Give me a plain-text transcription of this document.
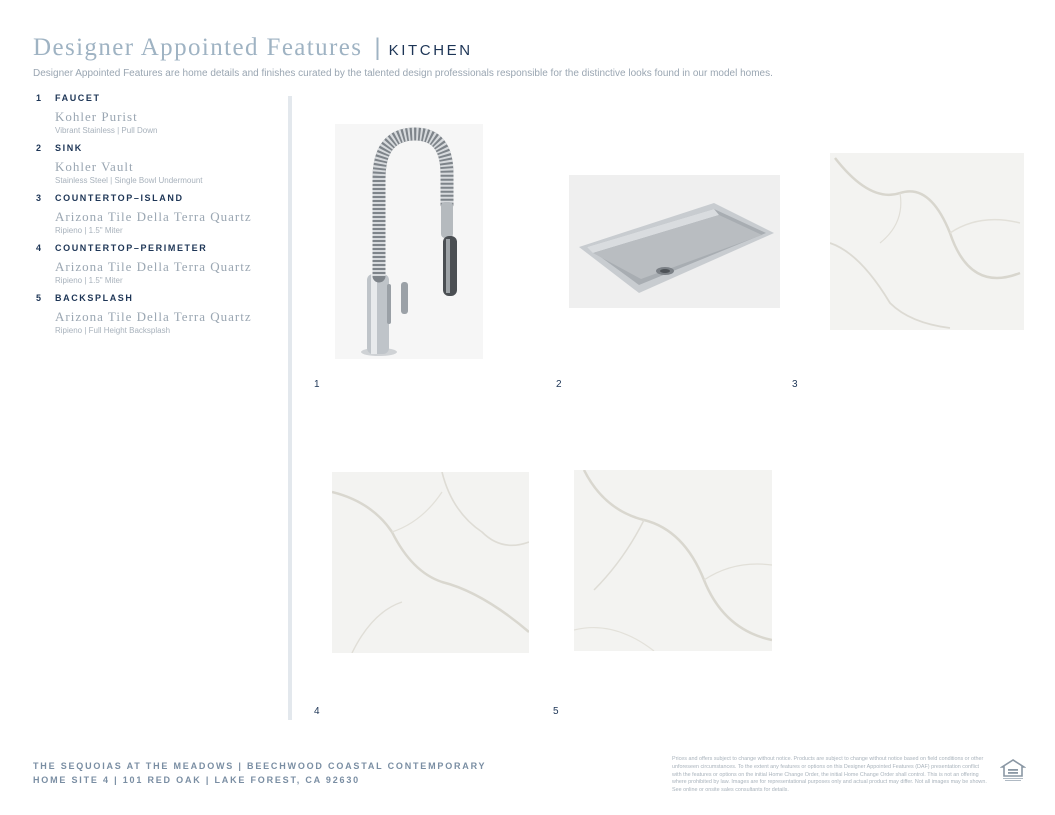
Designer Appointed Features | KITCHEN
Designer Appointed Features are home details and finishes curated by the talented design professionals responsible for the distinctive looks found in our model homes.
1	FAUCET
Kohler Purist
Vibrant Stainless | Pull Down
2	SINK
Kohler Vault
Stainless Steel | Single Bowl Undermount
3	COUNTERTOP–ISLAND
Arizona Tile Della Terra Quartz
Ripieno | 1.5" Miter
4	COUNTERTOP–PERIMETER
Arizona Tile Della Terra Quartz
Ripieno | 1.5" Miter
5	BACKSPLASH
Arizona Tile Della Terra Quartz
Ripieno | Full Height Backsplash
1	2	3
4	5
THE SEQUOIAS AT THE MEADOWS | BEECHWOOD COASTAL CONTEMPORARY
HOME SITE 4 | 101 RED OAK | LAKE FOREST, CA 92630
Prices and offers subject to change without notice. Products are subject to change without notice based on field conditions or other unforeseen circumstances. To the extent any features or options on this Designer Appointed Features (DAF) presentation conflict with the features or options on the initial Home Change Order, the initial Home Change Order shall control. This is not an offering where prohibited by law. Images are for representational purposes only and actual product may differ. Not all images may be shown. See online or onsite sales consultants for details.
